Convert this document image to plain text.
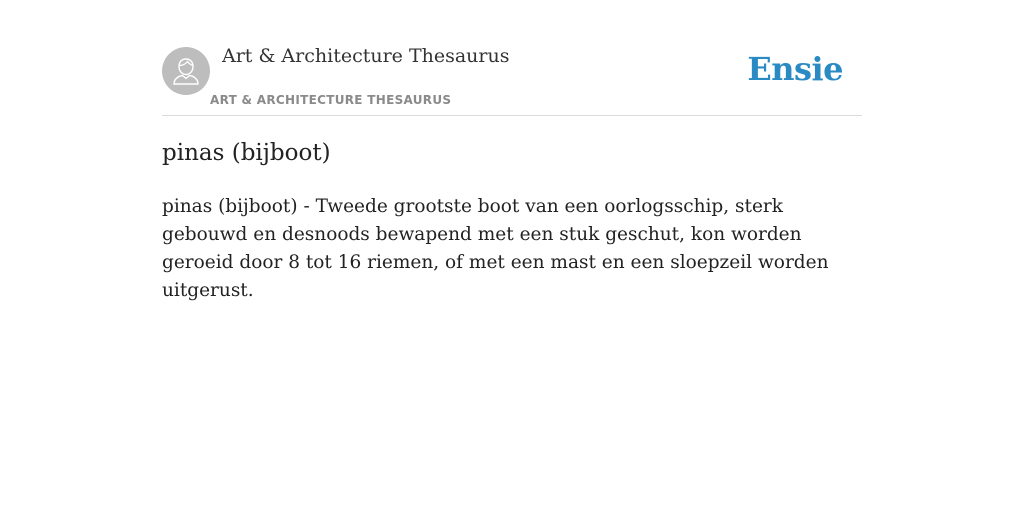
Art & Architecture Thesaurus
ART & ARCHITECTURE THESAURUS
Ensie
pinas (bijboot)

pinas (bijboot) - Tweede grootste boot van een oorlogsschip, sterk gebouwd en desnoods bewapend met een stuk geschut, kon worden geroeid door 8 tot 16 riemen, of met een mast en een sloepzeil worden uitgerust.
